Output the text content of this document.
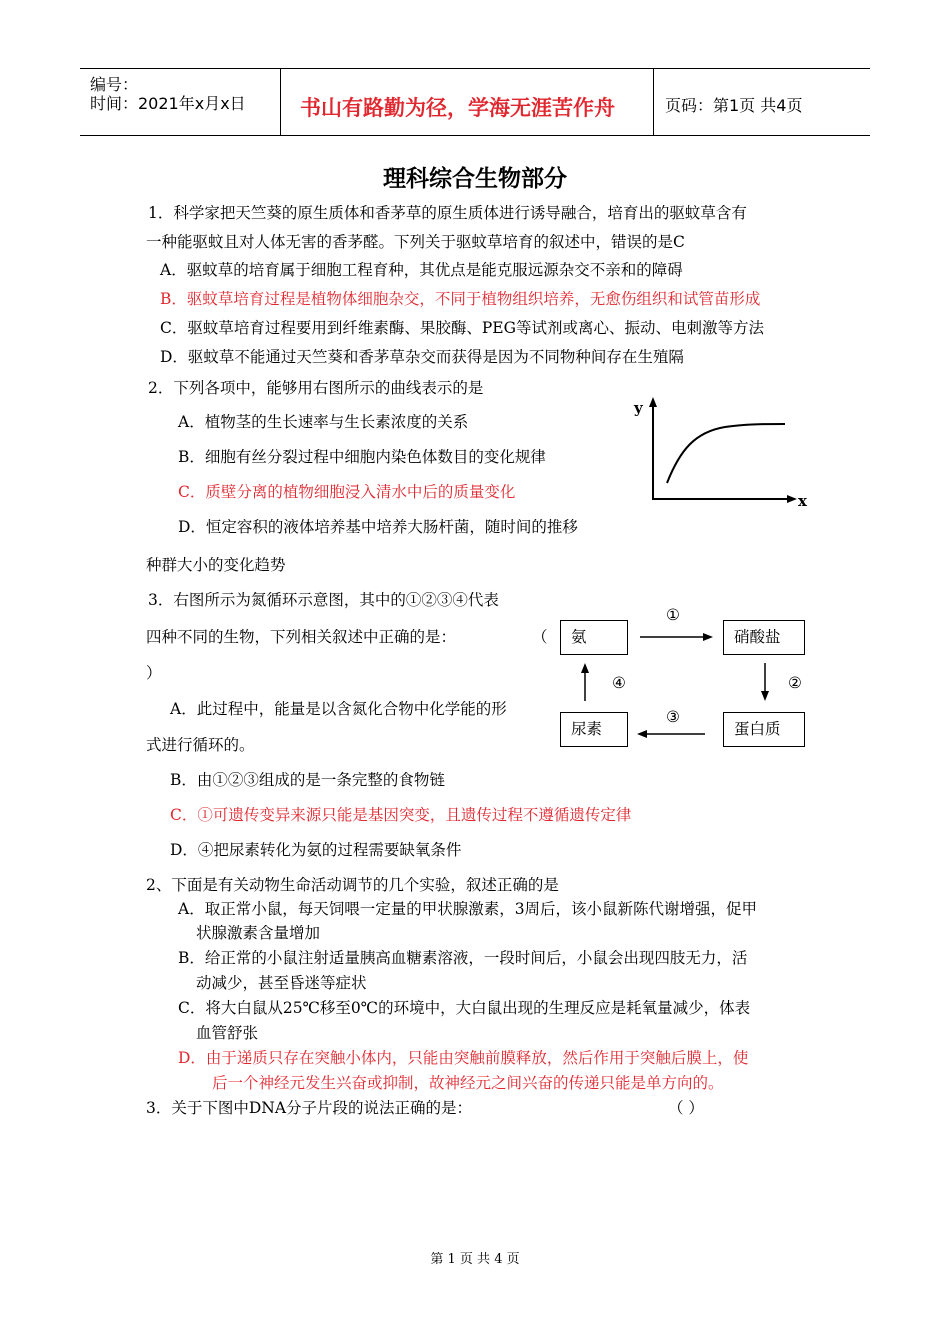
编号：
时间：2021年x月x日	书山有路勤为径，学海无涯苦作舟	页码：第1页 共4页
理科综合生物部分
1．科学家把天竺葵的原生质体和香茅草的原生质体进行诱导融合，培育出的驱蚊草含有
一种能驱蚊且对人体无害的香茅醛。下列关于驱蚊草培育的叙述中，错误的是C
A．驱蚊草的培育属于细胞工程育种，其优点是能克服远源杂交不亲和的障碍
B．驱蚊草培育过程是植物体细胞杂交，不同于植物组织培养，无愈伤组织和试管苗形成
C．驱蚊草培育过程要用到纤维素酶、果胶酶、PEG等试剂或离心、振动、电刺激等方法
D．驱蚊草不能通过天竺葵和香茅草杂交而获得是因为不同物种间存在生殖隔
2．下列各项中，能够用右图所示的曲线表示的是
A．植物茎的生长速率与生长素浓度的关系
B．细胞有丝分裂过程中细胞内染色体数目的变化规律
C．质壁分离的植物细胞浸入清水中后的质量变化
D．恒定容积的液体培养基中培养大肠杆菌，随时间的推移
种群大小的变化趋势
y
x
3．右图所示为氮循环示意图，其中的①②③④代表
四种不同的生物，下列相关叙述中正确的是：	（
）
A．此过程中，能量是以含氮化合物中化学能的形
式进行循环的。
B．由①②③组成的是一条完整的食物链
C．①可遗传变异来源只能是基因突变，且遗传过程不遵循遗传定律
D．④把尿素转化为氨的过程需要缺氧条件
氨	硝酸盐
尿素	蛋白质
①
②
③
④
2、下面是有关动物生命活动调节的几个实验，叙述正确的是
A．取正常小鼠，每天饲喂一定量的甲状腺激素，3周后，该小鼠新陈代谢增强，促甲
状腺激素含量增加
B．给正常的小鼠注射适量胰高血糖素溶液，一段时间后，小鼠会出现四肢无力，活
动减少，甚至昏迷等症状
C．将大白鼠从25℃移至0℃的环境中，大白鼠出现的生理反应是耗氧量减少，体表
血管舒张
D．由于递质只存在突触小体内，只能由突触前膜释放，然后作用于突触后膜上，使
后一个神经元发生兴奋或抑制，故神经元之间兴奋的传递只能是单方向的。
3．关于下图中DNA分子片段的说法正确的是：	（ ）
第 1 页 共 4 页
